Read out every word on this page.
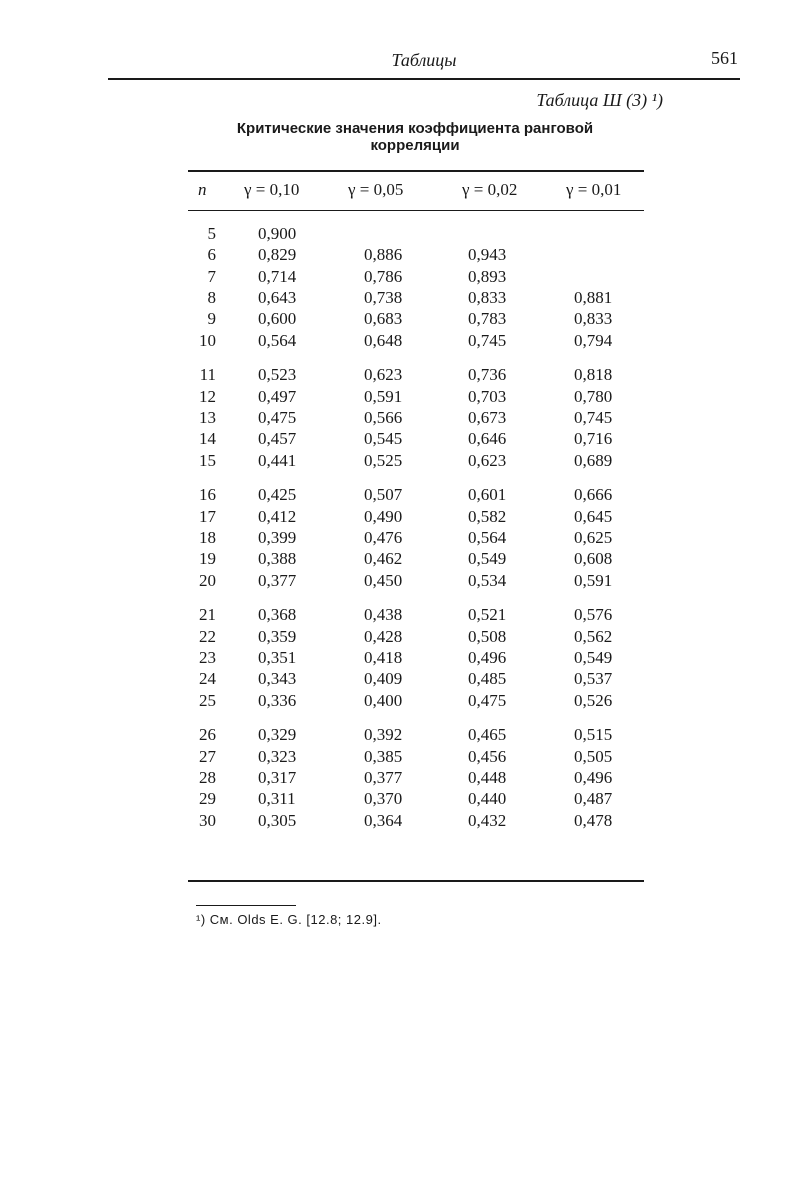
Таблицы	561
Таблица Ш (3) ¹)
Критические значения коэффициента ранговой
корреляции
n γ = 0,10	γ = 0,05	γ = 0,02	γ = 0,01
5 0,900
6 0,829	0,886	0,943
7 0,714	0,786	0,893
8 0,643	0,738	0,833	0,881
9 0,600	0,683	0,783	0,833
10 0,564	0,648	0,745	0,794
11 0,523	0,623	0,736	0,818
12 0,497	0,591	0,703	0,780
13 0,475	0,566	0,673	0,745
14 0,457	0,545	0,646	0,716
15 0,441	0,525	0,623	0,689
16 0,425	0,507	0,601	0,666
17 0,412	0,490	0,582	0,645
18 0,399	0,476	0,564	0,625
19 0,388	0,462	0,549	0,608
20 0,377	0,450	0,534	0,591
21 0,368	0,438	0,521	0,576
22 0,359	0,428	0,508	0,562
23 0,351	0,418	0,496	0,549
24 0,343	0,409	0,485	0,537
25 0,336	0,400	0,475	0,526
26 0,329	0,392	0,465	0,515
27 0,323	0,385	0,456	0,505
28 0,317	0,377	0,448	0,496
29 0,311	0,370	0,440	0,487
30 0,305	0,364	0,432	0,478
¹) См. Olds E. G. [12.8; 12.9].
